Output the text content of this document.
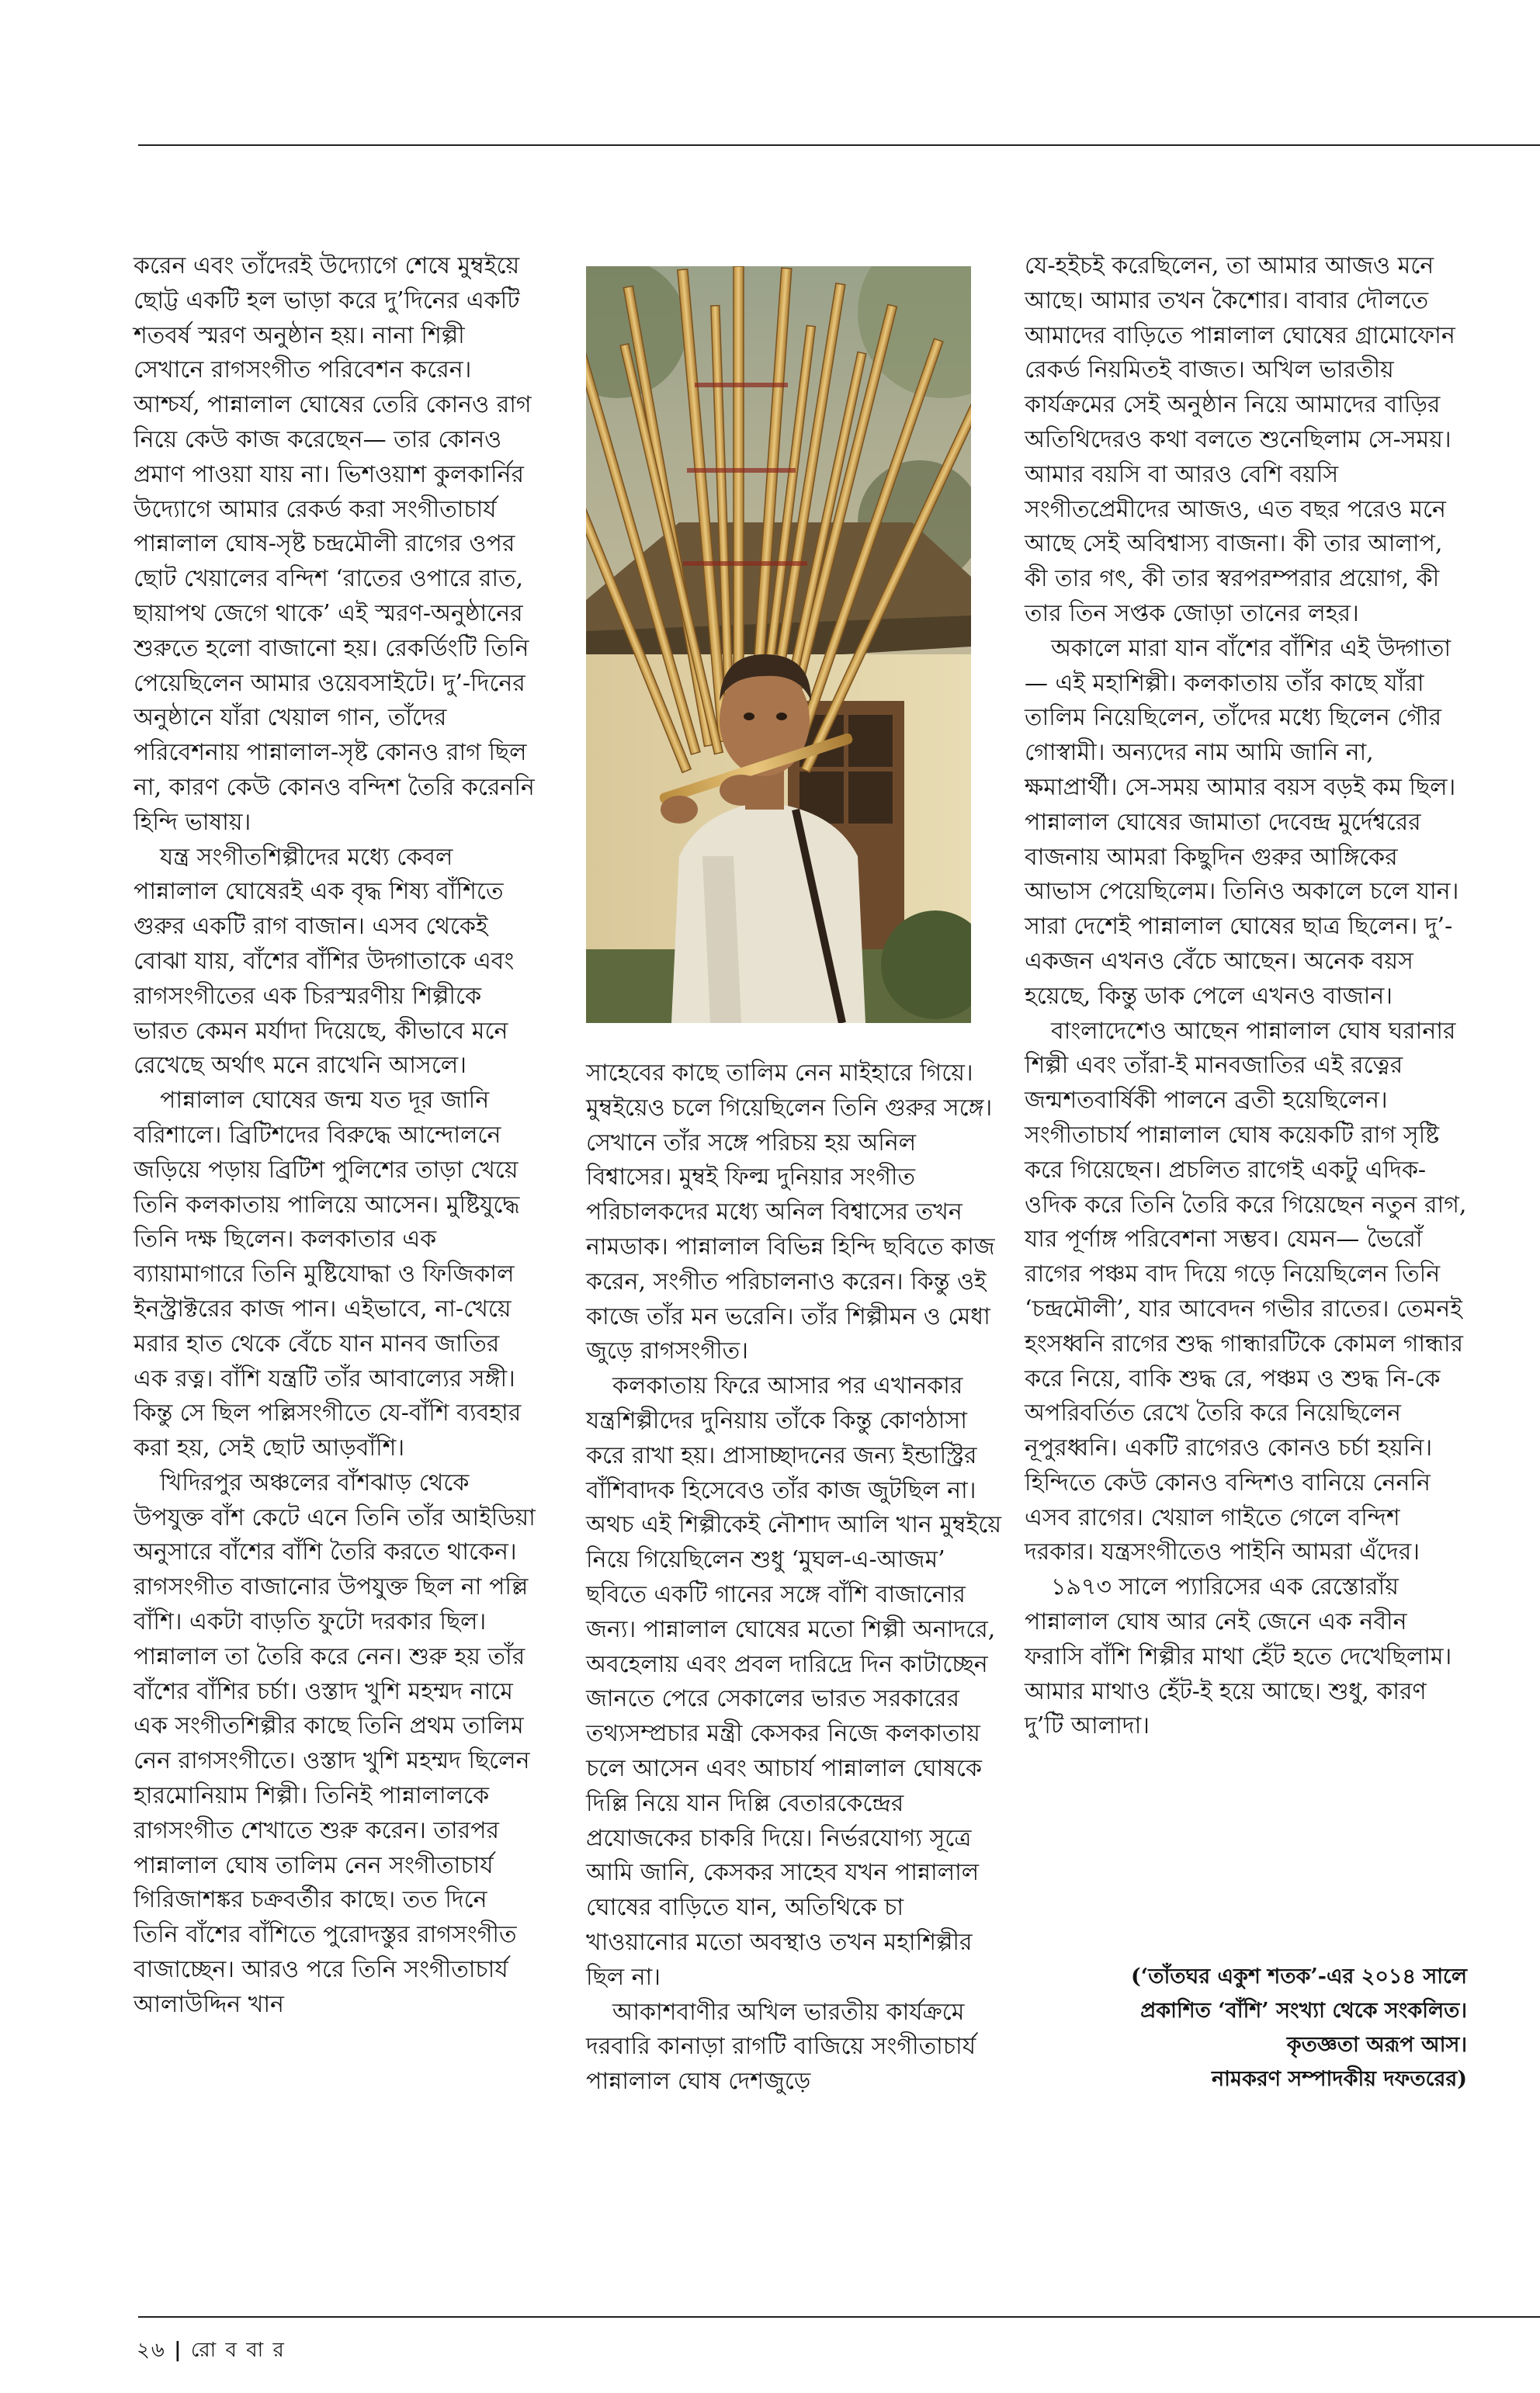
করেন এবং তাঁদেরই উদ্যোগে শেষে মুম্বইয়ে ছোট্ট একটি হল ভাড়া করে দু’দিনের একটি শতবর্ষ স্মরণ অনুষ্ঠান হয়। নানা শিল্পী সেখানে রাগসংগীত পরিবেশন করেন। আশ্চর্য, পান্নালাল ঘোষের তেরি কোনও রাগ নিয়ে কেউ কাজ করেছেন— তার কোনও প্রমাণ পাওয়া যায় না। ভিশওয়াশ কুলকার্নির উদ্যোগে আমার রেকর্ড করা সংগীতাচার্য পান্নালাল ঘোষ-সৃষ্ট চন্দ্রমৌলী রাগের ওপর ছোট খেয়ালের বন্দিশ ‘রাতের ওপারে রাত, ছায়াপথ জেগে থাকে’ এই স্মরণ-অনুষ্ঠানের শুরুতে হলো বাজানো হয়। রেকর্ডিংটি তিনি পেয়েছিলেন আমার ওয়েবসাইটে। দু’-দিনের অনুষ্ঠানে যাঁরা খেয়াল গান, তাঁদের পরিবেশনায় পান্নালাল-সৃষ্ট কোনও রাগ ছিল না, কারণ কেউ কোনও বন্দিশ তৈরি করেননি হিন্দি ভাষায়।

যন্ত্র সংগীতশিল্পীদের মধ্যে কেবল পান্নালাল ঘোষেরই এক বৃদ্ধ শিষ্য বাঁশিতে গুরুর একটি রাগ বাজান। এসব থেকেই বোঝা যায়, বাঁশের বাঁশির উদ্গাতাকে এবং রাগসংগীতের এক চিরস্মরণীয় শিল্পীকে ভারত কেমন মর্যাদা দিয়েছে, কীভাবে মনে রেখেছে অর্থাৎ মনে রাখেনি আসলে।

পান্নালাল ঘোষের জন্ম যত দূর জানি বরিশালে। ব্রিটিশদের বিরুদ্ধে আন্দোলনে জড়িয়ে পড়ায় ব্রিটিশ পুলিশের তাড়া খেয়ে তিনি কলকাতায় পালিয়ে আসেন। মুষ্টিযুদ্ধে তিনি দক্ষ ছিলেন। কলকাতার এক ব্যায়ামাগারে তিনি মুষ্টিযোদ্ধা ও ফিজিকাল ইনস্ট্রাক্টরের কাজ পান। এইভাবে, না-খেয়ে মরার হাত থেকে বেঁচে যান মানব জাতির এক রত্ন। বাঁশি যন্ত্রটি তাঁর আবাল্যের সঙ্গী। কিন্তু সে ছিল পল্লিসংগীতে যে-বাঁশি ব্যবহার করা হয়, সেই ছোট আড়বাঁশি।

খিদিরপুর অঞ্চলের বাঁশঝাড় থেকে উপযুক্ত বাঁশ কেটে এনে তিনি তাঁর আইডিয়া অনুসারে বাঁশের বাঁশি তৈরি করতে থাকেন। রাগসংগীত বাজানোর উপযুক্ত ছিল না পল্লি বাঁশি। একটা বাড়তি ফুটো দরকার ছিল। পান্নালাল তা তৈরি করে নেন। শুরু হয় তাঁর বাঁশের বাঁশির চর্চা। ওস্তাদ খুশি মহম্মদ নামে এক সংগীতশিল্পীর কাছে তিনি প্রথম তালিম নেন রাগসংগীতে। ওস্তাদ খুশি মহম্মদ ছিলেন হারমোনিয়াম শিল্পী। তিনিই পান্নালালকে রাগসংগীত শেখাতে শুরু করেন। তারপর পান্নালাল ঘোষ তালিম নেন সংগীতাচার্য গিরিজাশঙ্কর চক্রবর্তীর কাছে। তত দিনে তিনি বাঁশের বাঁশিতে পুরোদস্তুর রাগসংগীত বাজাচ্ছেন। আরও পরে তিনি সংগীতাচার্য আলাউদ্দিন খান

সাহেবের কাছে তালিম নেন মাইহারে গিয়ে। মুম্বইয়েও চলে গিয়েছিলেন তিনি গুরুর সঙ্গে। সেখানে তাঁর সঙ্গে পরিচয় হয় অনিল বিশ্বাসের। মুম্বই ফিল্ম দুনিয়ার সংগীত পরিচালকদের মধ্যে অনিল বিশ্বাসের তখন নামডাক। পান্নালাল বিভিন্ন হিন্দি ছবিতে কাজ করেন, সংগীত পরিচালনাও করেন। কিন্তু ওই কাজে তাঁর মন ভরেনি। তাঁর শিল্পীমন ও মেধা জুড়ে রাগসংগীত।

কলকাতায় ফিরে আসার পর এখানকার যন্ত্রশিল্পীদের দুনিয়ায় তাঁকে কিন্তু কোণঠাসা করে রাখা হয়। প্রাসাচ্ছাদনের জন্য ইন্ডাস্ট্রির বাঁশিবাদক হিসেবেও তাঁর কাজ জুটছিল না। অথচ এই শিল্পীকেই নৌশাদ আলি খান মুম্বইয়ে নিয়ে গিয়েছিলেন শুধু ‘মুঘল-এ-আজম’ ছবিতে একটি গানের সঙ্গে বাঁশি বাজানোর জন্য। পান্নালাল ঘোষের মতো শিল্পী অনাদরে, অবহেলায় এবং প্রবল দারিদ্রে দিন কাটাচ্ছেন জানতে পেরে সেকালের ভারত সরকারের তথ্যসম্প্রচার মন্ত্রী কেসকর নিজে কলকাতায় চলে আসেন এবং আচার্য পান্নালাল ঘোষকে দিল্লি নিয়ে যান দিল্লি বেতারকেন্দ্রের প্রযোজকের চাকরি দিয়ে। নির্ভরযোগ্য সূত্রে আমি জানি, কেসকর সাহেব যখন পান্নালাল ঘোষের বাড়িতে যান, অতিথিকে চা খাওয়ানোর মতো অবস্থাও তখন মহাশিল্পীর ছিল না।

আকাশবাণীর অখিল ভারতীয় কার্যক্রমে দরবারি কানাড়া রাগটি বাজিয়ে সংগীতাচার্য পান্নালাল ঘোষ দেশজুড়ে

যে-হইচই করেছিলেন, তা আমার আজও মনে আছে। আমার তখন কৈশোর। বাবার দৌলতে আমাদের বাড়িতে পান্নালাল ঘোষের গ্রামোফোন রেকর্ড নিয়মিতই বাজত। অখিল ভারতীয় কার্যক্রমের সেই অনুষ্ঠান নিয়ে আমাদের বাড়ির অতিথিদেরও কথা বলতে শুনেছিলাম সে-সময়। আমার বয়সি বা আরও বেশি বয়সি সংগীতপ্রেমীদের আজও, এত বছর পরেও মনে আছে সেই অবিশ্বাস্য বাজনা। কী তার আলাপ, কী তার গৎ, কী তার স্বরপরম্পরার প্রয়োগ, কী তার তিন সপ্তক জোড়া তানের লহর।

অকালে মারা যান বাঁশের বাঁশির এই উদ্গাতা— এই মহাশিল্পী। কলকাতায় তাঁর কাছে যাঁরা তালিম নিয়েছিলেন, তাঁদের মধ্যে ছিলেন গৌর গোস্বামী। অন্যদের নাম আমি জানি না, ক্ষমাপ্রার্থী। সে-সময় আমার বয়স বড়ই কম ছিল। পান্নালাল ঘোষের জামাতা দেবেন্দ্র মুর্দেশ্বরের বাজনায় আমরা কিছুদিন গুরুর আঙ্গিকের আভাস পেয়েছিলেম। তিনিও অকালে চলে যান। সারা দেশেই পান্নালাল ঘোষের ছাত্র ছিলেন। দু’-একজন এখনও বেঁচে আছেন। অনেক বয়স হয়েছে, কিন্তু ডাক পেলে এখনও বাজান।

বাংলাদেশেও আছেন পান্নালাল ঘোষ ঘরানার শিল্পী এবং তাঁরা-ই মানবজাতির এই রত্নের জন্মশতবার্ষিকী পালনে ব্রতী হয়েছিলেন। সংগীতাচার্য পান্নালাল ঘোষ কয়েকটি রাগ সৃষ্টি করে গিয়েছেন। প্রচলিত রাগেই একটু এদিক-ওদিক করে তিনি তৈরি করে গিয়েছেন নতুন রাগ, যার পূর্ণাঙ্গ পরিবেশনা সম্ভব। যেমন— ভৈরোঁ রাগের পঞ্চম বাদ দিয়ে গড়ে নিয়েছিলেন তিনি ‘চন্দ্রমৌলী’, যার আবেদন গভীর রাতের। তেমনই হংসধ্বনি রাগের শুদ্ধ গান্ধারটিকে কোমল গান্ধার করে নিয়ে, বাকি শুদ্ধ রে, পঞ্চম ও শুদ্ধ নি-কে অপরিবর্তিত রেখে তৈরি করে নিয়েছিলেন নূপুরধ্বনি। একটি রাগেরও কোনও চর্চা হয়নি। হিন্দিতে কেউ কোনও বন্দিশও বানিয়ে নেননি এসব রাগের। খেয়াল গাইতে গেলে বন্দিশ দরকার। যন্ত্রসংগীতেও পাইনি আমরা এঁদের।

১৯৭৩ সালে প্যারিসের এক রেস্তোরাঁয় পান্নালাল ঘোষ আর নেই জেনে এক নবীন ফরাসি বাঁশি শিল্পীর মাথা হেঁট হতে দেখেছিলাম। আমার মাথাও হেঁট-ই হয়ে আছে। শুধু, কারণ দু’টি আলাদা।

(‘তাঁতঘর একুশ শতক’-এর ২০১৪ সালে

প্রকাশিত ‘বাঁশি’ সংখ্যা থেকে সংকলিত।

কৃতজ্ঞতা অরূপ আস।

নামকরণ সম্পাদকীয় দফতরের)

২৬ | রো ব বা র
